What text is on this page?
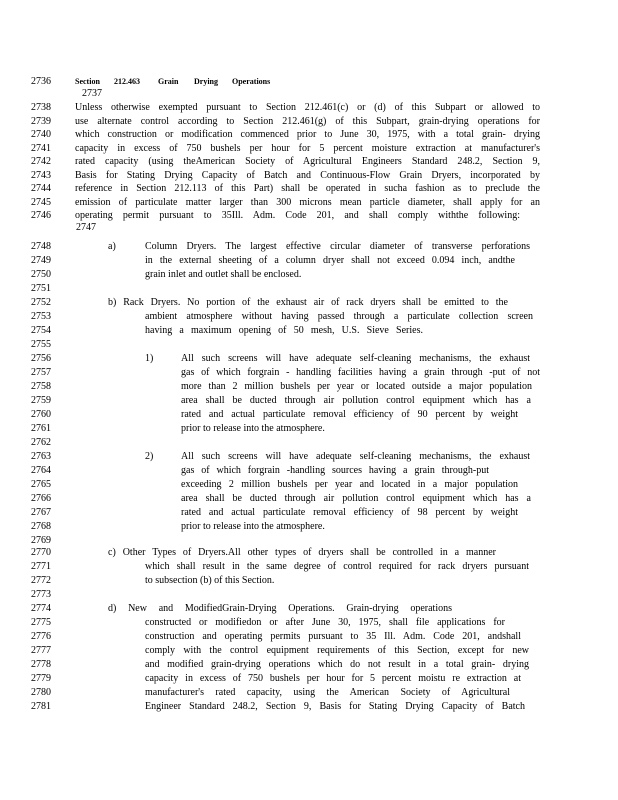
2736	Section 212.463 Grain Drying Operations
2737
2738 Unless otherwise exempted pursuant to Section 212.461(c) or (d) of this Subpart or allowed to
2739 use alternate control according to Section 212.461(g) of this Subpart, grain-drying operations for
2740 which construction or modification commenced prior to June 30, 1975, with a total grain- drying
2741 capacity in excess of 750 bushels per hour for 5 percent moisture extraction at manufacturer's
2742 rated capacity (using theAmerican Society of Agricultural Engineers Standard 248.2, Section 9,
2743 Basis for Stating Drying Capacity of Batch and Continuous-Flow Grain Dryers, incorporated by
2744 reference in Section 212.113 of this Part) shall be operated in sucha fashion as to preclude the
2745 emission of particulate matter larger than 300 microns mean particle diameter, shall apply for an
2746 operating permit pursuant to 35Ill. Adm. Code 201, and shall comply withthe following:
2747
2748	a)	Column Dryers. The largest effective circular diameter of transverse perforations
2749	in the external sheeting of a column dryer shall not exceed 0.094 inch, andthe
2750	grain inlet and outlet shall be enclosed.
2751
2752	b) Rack Dryers. No portion of the exhaust air of rack dryers shall be emitted to the
2753	ambient atmosphere without having passed through a particulate collection screen
2754	having a maximum opening of 50 mesh, U.S. Sieve Series.
2755
2756	1)	All such screens will have adequate self-cleaning mechanisms, the exhaust
2757	gas of which forgrain - handling facilities having a grain through -put of not
2758	more than 2 million bushels per year or located outside a major population
2759	area shall be ducted through air pollution control equipment which has a
2760	rated and actual particulate removal efficiency of 90 percent by weight
2761	prior to release into the atmosphere.
2762
2763	2)	All such screens will have adequate self-cleaning mechanisms, the exhaust
2764	gas of which forgrain -handling sources having a grain through-put
2765	exceeding 2 million bushels per year and located in a major population
2766	area shall be ducted through air pollution control equipment which has a
2767	rated and actual particulate removal efficiency of 98 percent by weight
2768	prior to release into the atmosphere.
2769
2770	c) Other Types of Dryers.All other types of dryers shall be controlled in a manner
2771	which shall result in the same degree of control required for rack dryers pursuant
2772	to subsection (b) of this Section.
2773
2774	d) New and ModifiedGrain-Drying Operations. Grain-drying operations
2775	constructed or modifiedon or after June 30, 1975, shall file applications for
2776	construction and operating permits pursuant to 35 Ill. Adm. Code 201, andshall
2777	comply with the control equipment requirements of this Section, except for new
2778	and modified grain-drying operations which do not result in a total grain- drying
2779	capacity in excess of 750 bushels per hour for 5 percent moistu re extraction at
2780	manufacturer's rated capacity, using the American Society of Agricultural
2781	Engineer Standard 248.2, Section 9, Basis for Stating Drying Capacity of Batch
